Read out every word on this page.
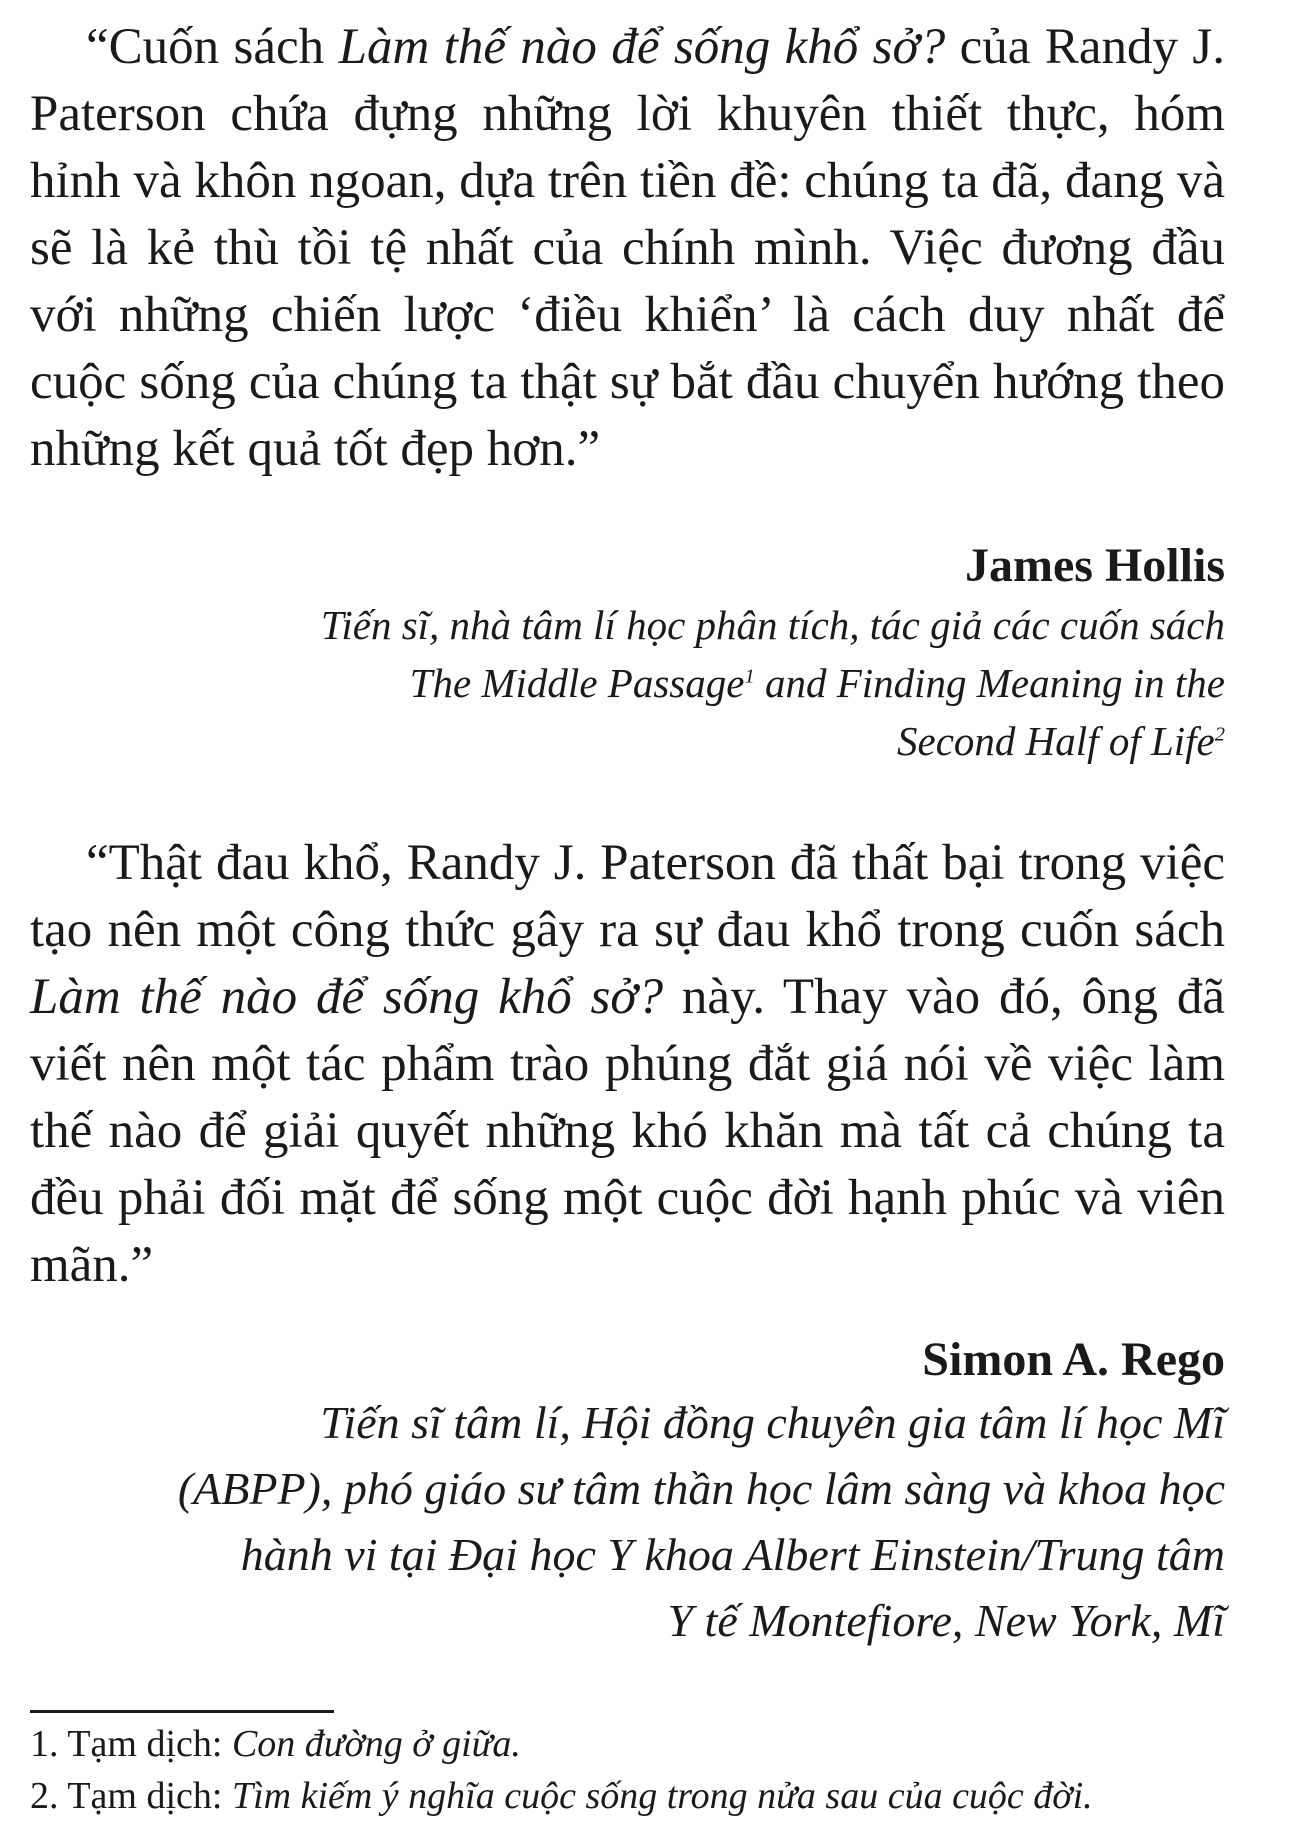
“Cuốn sách Làm thế nào để sống khổ sở? của Randy J. Paterson chứa đựng những lời khuyên thiết thực, hóm hỉnh và khôn ngoan, dựa trên tiền đề: chúng ta đã, đang và sẽ là kẻ thù tồi tệ nhất của chính mình. Việc đương đầu với những chiến lược ‘điều khiển’ là cách duy nhất để cuộc sống của chúng ta thật sự bắt đầu chuyển hướng theo những kết quả tốt đẹp hơn.”

James Hollis
Tiến sĩ, nhà tâm lí học phân tích, tác giả các cuốn sách
The Middle Passage$^1$ and Finding Meaning in the
Second Half of Life$^2$

“Thật đau khổ, Randy J. Paterson đã thất bại trong việc tạo nên một công thức gây ra sự đau khổ trong cuốn sách Làm thế nào để sống khổ sở? này. Thay vào đó, ông đã viết nên một tác phẩm trào phúng đắt giá nói về việc làm thế nào để giải quyết những khó khăn mà tất cả chúng ta đều phải đối mặt để sống một cuộc đời hạnh phúc và viên mãn.”

Simon A. Rego
Tiến sĩ tâm lí, Hội đồng chuyên gia tâm lí học Mĩ
(ABPP), phó giáo sư tâm thần học lâm sàng và khoa học
hành vi tại Đại học Y khoa Albert Einstein/Trung tâm
Y tế Montefiore, New York, Mĩ
1. Tạm dịch: Con đường ở giữa.
2. Tạm dịch: Tìm kiếm ý nghĩa cuộc sống trong nửa sau của cuộc đời.
